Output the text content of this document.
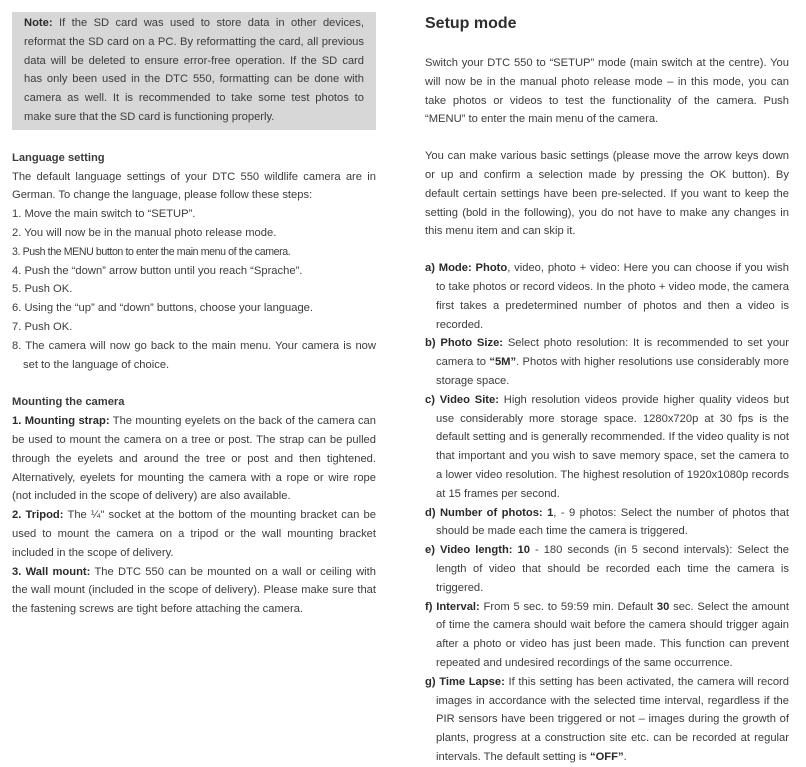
Note: If the SD card was used to store data in other devices, reformat the SD card on a PC. By reformatting the card, all previous data will be deleted to ensure error-free operation. If the SD card has only been used in the DTC 550, formatting can be done with camera as well. It is recommended to take some test photos to make sure that the SD card is functioning properly.
Language setting
The default language settings of your DTC 550 wildlife camera are in German. To change the language, please follow these steps:
1. Move the main switch to “SETUP”.
2. You will now be in the manual photo release mode.
3. Push the MENU button to enter the main menu of the camera.
4. Push the “down” arrow button until you reach “Sprache”.
5. Push OK.
6. Using the “up” and “down” buttons, choose your language.
7. Push OK.
8. The camera will now go back to the main menu. Your camera is now set to the language of choice.
Mounting the camera
1. Mounting strap: The mounting eyelets on the back of the camera can be used to mount the camera on a tree or post. The strap can be pulled through the eyelets and around the tree or post and then tightened. Alternatively, eyelets for mounting the camera with a rope or wire rope (not included in the scope of delivery) are also available.
2. Tripod: The ¼" socket at the bottom of the mounting bracket can be used to mount the camera on a tripod or the wall mounting bracket included in the scope of delivery.
3. Wall mount: The DTC 550 can be mounted on a wall or ceiling with the wall mount (included in the scope of delivery). Please make sure that the fastening screws are tight before attaching the camera.
Setup mode
Switch your DTC 550 to “SETUP” mode (main switch at the centre). You will now be in the manual photo release mode – in this mode, you can take photos or videos to test the functionality of the camera. Push “MENU” to enter the main menu of the camera.
You can make various basic settings (please move the arrow keys down or up and confirm a selection made by pressing the OK button). By default certain settings have been pre-selected. If you want to keep the setting (bold in the following), you do not have to make any changes in this menu item and can skip it.
a) Mode: Photo, video, photo + video: Here you can choose if you wish to take photos or record videos. In the photo + video mode, the camera first takes a predetermined number of photos and then a video is recorded.
b) Photo Size: Select photo resolution: It is recommended to set your camera to “5M”. Photos with higher resolutions use considerably more storage space.
c) Video Site: High resolution videos provide higher quality videos but use considerably more storage space. 1280x720p at 30 fps is the default setting and is generally recommended. If the video quality is not that important and you wish to save memory space, set the camera to a lower video resolution. The highest resolution of 1920x1080p records at 15 frames per second.
d) Number of photos: 1, - 9 photos: Select the number of photos that should be made each time the camera is triggered.
e) Video length: 10 - 180 seconds (in 5 second intervals): Select the length of video that should be recorded each time the camera is triggered.
f) Interval: From 5 sec. to 59:59 min. Default 30 sec. Select the amount of time the camera should wait before the camera should trigger again after a photo or video has just been made. This function can prevent repeated and undesired recordings of the same occurrence.
g) Time Lapse: If this setting has been activated, the camera will record images in accordance with the selected time interval, regardless if the PIR sensors have been triggered or not – images during the growth of plants, progress at a construction site etc. can be recorded at regular intervals. The default setting is “OFF”.
